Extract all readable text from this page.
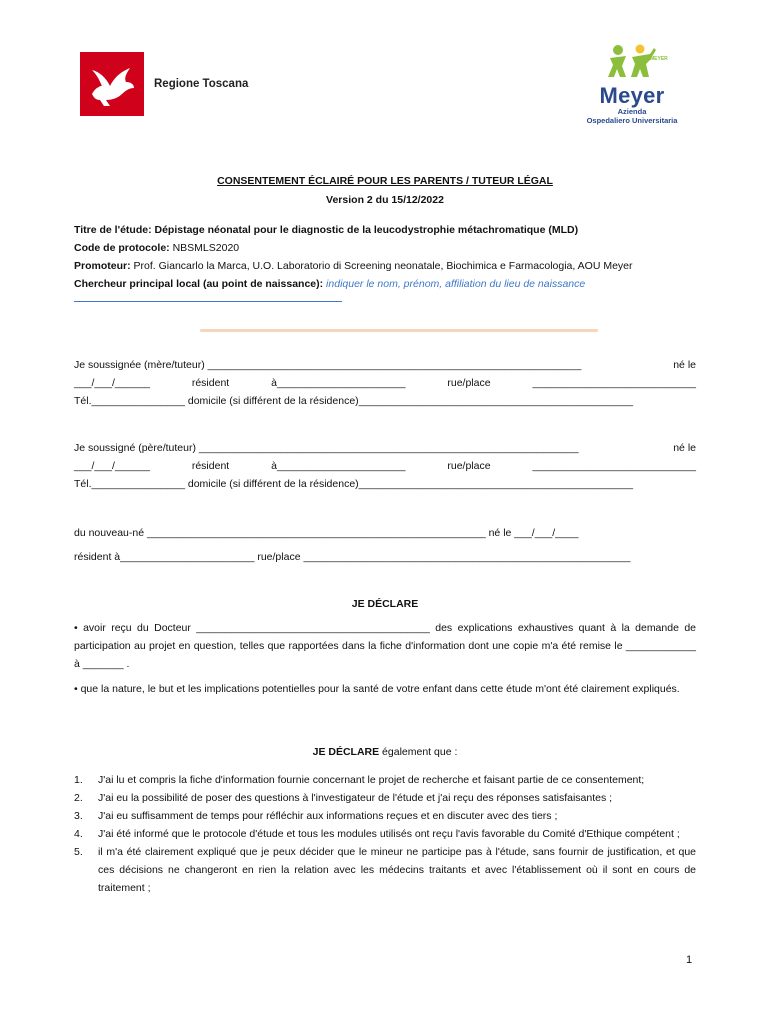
Regione Toscana
MEYER
Meyer
Azienda
Ospedaliero Universitaria
CONSENTEMENT ÉCLAIRÉ POUR LES PARENTS / TUTEUR LÉGAL
Version 2 du 15/12/2022
Titre de l'étude: Dépistage néonatal pour le diagnostic de la leucodystrophie métachromatique (MLD)
Code de protocole: NBSMLS2020
Promoteur: Prof. Giancarlo la Marca, U.O. Laboratorio di Screening neonatale, Biochimica e Farmacologia, AOU Meyer
Chercheur principal local (au point de naissance): indiquer le nom, prénom, affiliation du lieu de naissance
Je soussignée (mère/tuteur) ________________________________________________________________	né le
___/___/______	résident	à______________________	rue/place	____________________________
Tél.________________ domicile (si différent de la résidence)_______________________________________________
Je soussigné (père/tuteur) _________________________________________________________________	né le
___/___/______	résident	à______________________	rue/place	____________________________
Tél.________________ domicile (si différent de la résidence)_______________________________________________
du nouveau-né __________________________________________________________ né le ___/___/____
résident à_______________________ rue/place ________________________________________________________
JE DÉCLARE
• avoir reçu du Docteur ________________________________________ des explications exhaustives quant à la demande de participation au projet en question, telles que rapportées dans la fiche d'information dont une copie m'a été remise le ____________ à _______ .
• que la nature, le but et les implications potentielles pour la santé de votre enfant dans cette étude m'ont été clairement expliqués.
JE DÉCLARE également que :
1. J'ai lu et compris la fiche d'information fournie concernant le projet de recherche et faisant partie de ce consentement;
2. J'ai eu la possibilité de poser des questions à l'investigateur de l'étude et j'ai reçu des réponses satisfaisantes ;
3. J'ai eu suffisamment de temps pour réfléchir aux informations reçues et en discuter avec des tiers ;
4. J'ai été informé que le protocole d'étude et tous les modules utilisés ont reçu l'avis favorable du Comité d'Ethique compétent ;
5. il m'a été clairement expliqué que je peux décider que le mineur ne participe pas à l'étude, sans fournir de justification, et que ces décisions ne changeront en rien la relation avec les médecins traitants et avec l'établissement où il sont en cours de traitement ;
1
